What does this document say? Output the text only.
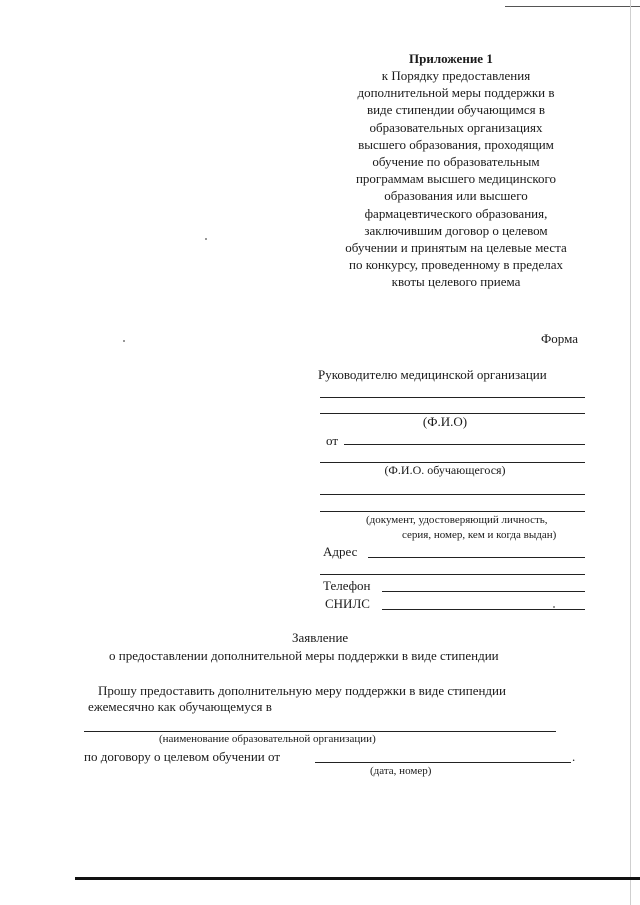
Приложение 1
к Порядку предоставления
дополнительной меры поддержки в
виде стипендии обучающимся в
образовательных организациях
высшего образования, проходящим
обучение по образовательным
программам высшего медицинского
образования или высшего
фармацевтического образования,
заключившим договор о целевом
обучении и принятым на целевые места
по конкурсу, проведенному в пределах
квоты целевого приема
Форма
Руководителю медицинской организации
(Ф.И.О)
от
(Ф.И.О. обучающегося)
(документ, удостоверяющий личность,
серия, номер, кем и когда выдан)
Адрес
Телефон
СНИЛС
Заявление
о предоставлении дополнительной меры поддержки в виде стипендии
Прошу предоставить дополнительную меру поддержки в виде стипендии
ежемесячно как обучающемуся в
(наименование образовательной организации)
по договору о целевом обучении от	.
(дата, номер)
